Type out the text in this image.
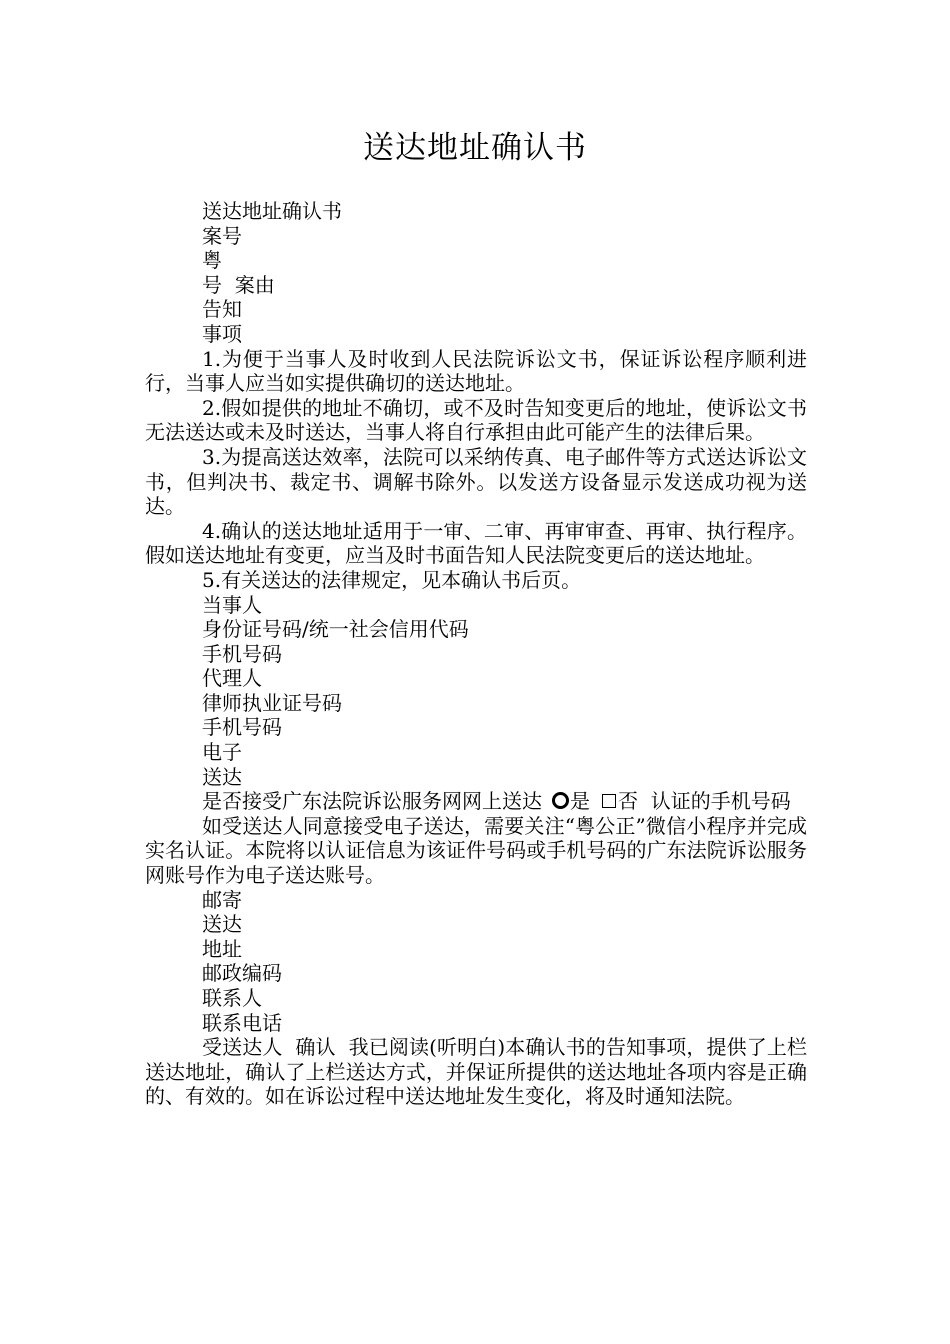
送达地址确认书

送达地址确认书

案号

粤

号  案由

告知

事项

1.为便于当事人及时收到人民法院诉讼文书，保证诉讼程序顺利进行，当事人应当如实提供确切的送达地址。

2.假如提供的地址不确切，或不及时告知变更后的地址，使诉讼文书无法送达或未及时送达，当事人将自行承担由此可能产生的法律后果。

3.为提高送达效率，法院可以采纳传真、电子邮件等方式送达诉讼文书，但判决书、裁定书、调解书除外。以发送方设备显示发送成功视为送达。

4.确认的送达地址适用于一审、二审、再审审查、再审、执行程序。假如送达地址有变更，应当及时书面告知人民法院变更后的送达地址。

5.有关送达的法律规定，见本确认书后页。

当事人

身份证号码/统一社会信用代码

手机号码

代理人

律师执业证号码

手机号码

电子

送达

是否接受广东法院诉讼服务网网上送达 是 否  认证的手机号码

如受送达人同意接受电子送达，需要关注“粤公正”微信小程序并完成实名认证。本院将以认证信息为该证件号码或手机号码的广东法院诉讼服务网账号作为电子送达账号。

邮寄

送达

地址

邮政编码

联系人

联系电话

受送达人  确认  我已阅读(听明白)本确认书的告知事项，提供了上栏送达地址，确认了上栏送达方式，并保证所提供的送达地址各项内容是正确的、有效的。如在诉讼过程中送达地址发生变化，将及时通知法院。
